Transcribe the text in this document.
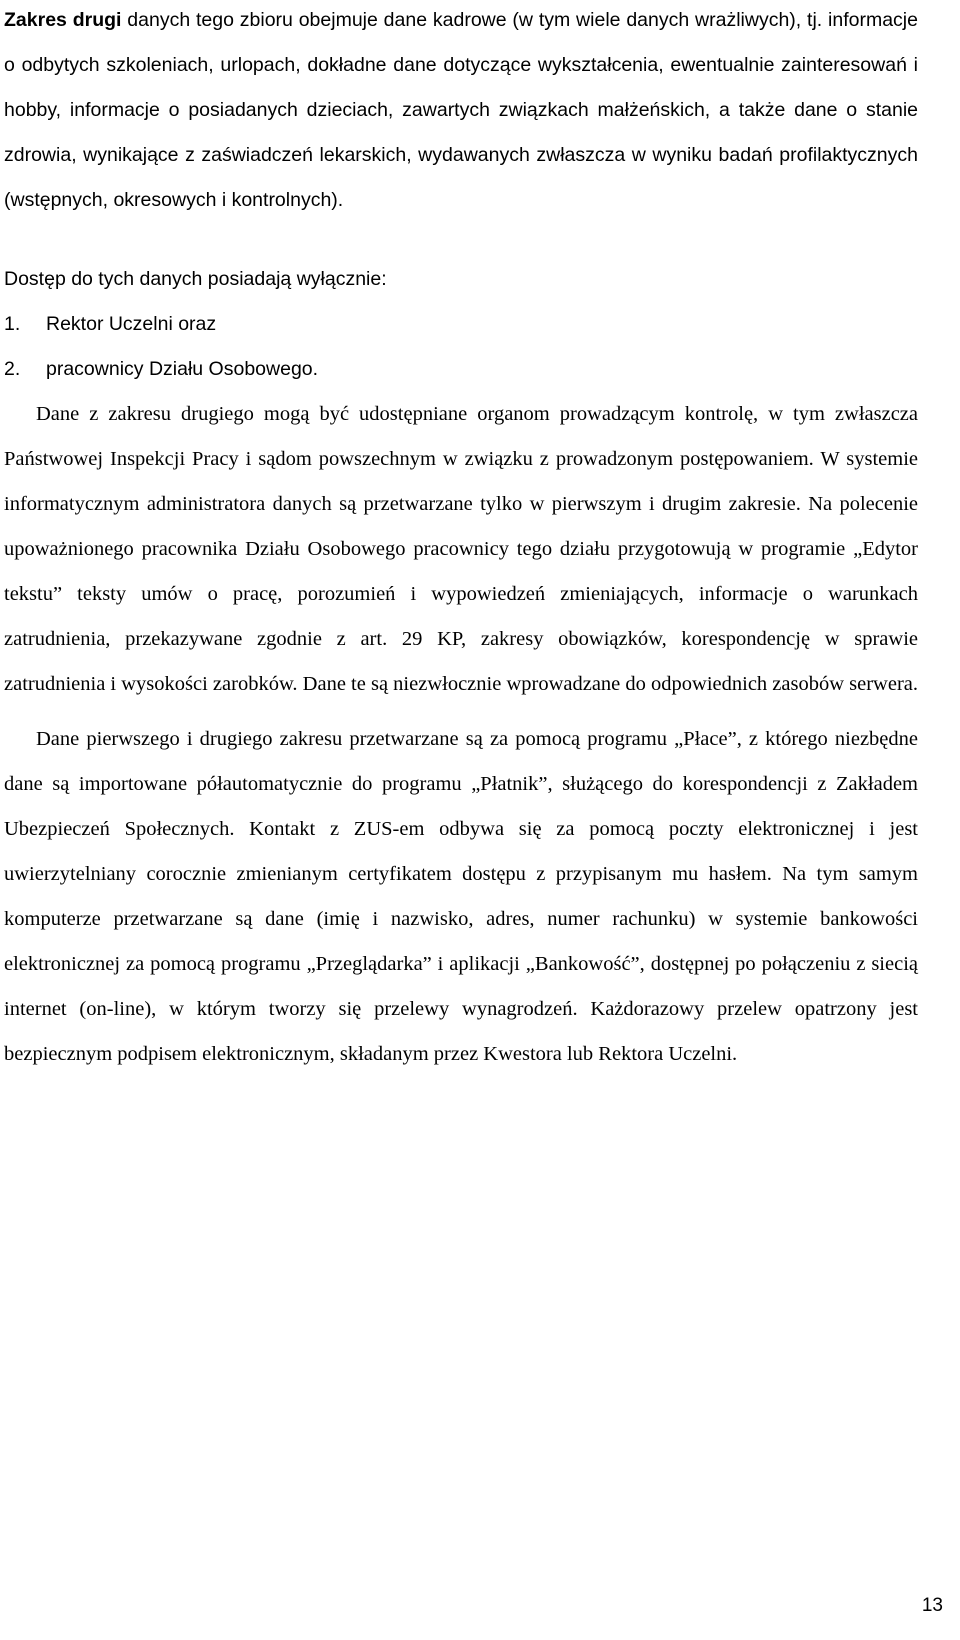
Zakres drugi danych tego zbioru obejmuje dane kadrowe (w tym wiele danych wrażliwych), tj. informacje o odbytych szkoleniach, urlopach, dokładne dane dotyczące wykształcenia, ewentualnie zainteresowań i hobby, informacje o posiadanych dzieciach, zawartych związkach małżeńskich, a także dane o stanie zdrowia, wynikające z zaświadczeń lekarskich, wydawanych zwłaszcza w wyniku badań profilaktycznych (wstępnych, okresowych i kontrolnych).

Dostęp do tych danych posiadają wyłącznie:

1.	Rektor Uczelni oraz
2.	pracownicy Działu Osobowego.

Dane z zakresu drugiego mogą być udostępniane organom prowadzącym kontrolę, w tym zwłaszcza Państwowej Inspekcji Pracy i sądom powszechnym w związku z prowadzonym postępowaniem. W systemie informatycznym administratora danych są przetwarzane tylko w pierwszym i drugim zakresie. Na polecenie upoważnionego pracownika Działu Osobowego pracownicy tego działu przygotowują w programie „Edytor tekstu” teksty umów o pracę, porozumień i wypowiedzeń zmieniających, informacje o warunkach zatrudnienia, przekazywane zgodnie z art. 29 KP, zakresy obowiązków, korespondencję w sprawie zatrudnienia i wysokości zarobków. Dane te są niezwłocznie wprowadzane do odpowiednich zasobów serwera.

Dane pierwszego i drugiego zakresu przetwarzane są za pomocą programu „Płace”, z którego niezbędne dane są importowane półautomatycznie do programu „Płatnik”, służącego do korespondencji z Zakładem Ubezpieczeń Społecznych. Kontakt z ZUS-em odbywa się za pomocą poczty elektronicznej i jest uwierzytelniany corocznie zmienianym certyfikatem dostępu z przypisanym mu hasłem. Na tym samym komputerze przetwarzane są dane (imię i nazwisko, adres, numer rachunku) w systemie bankowości elektronicznej za pomocą programu „Przeglądarka” i aplikacji „Bankowość”, dostępnej po połączeniu z siecią internet (on-line), w którym tworzy się przelewy wynagrodzeń. Każdorazowy przelew opatrzony jest bezpiecznym podpisem elektronicznym, składanym przez Kwestora lub Rektora Uczelni.

13
